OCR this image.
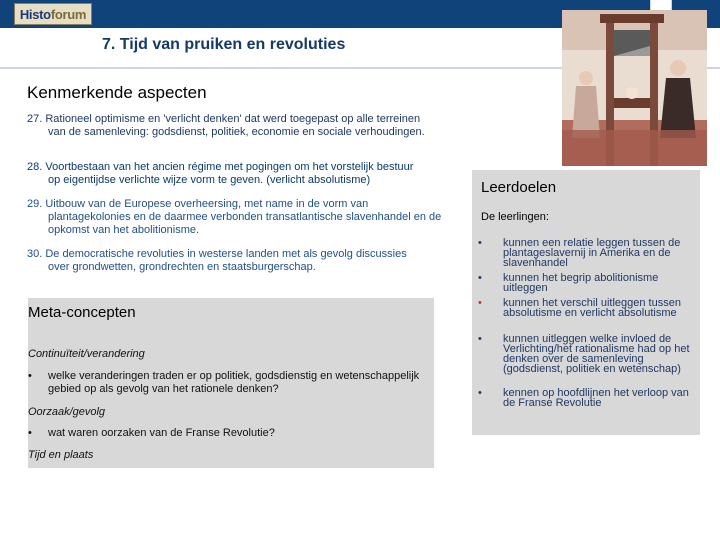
Histo forum
7. Tijd van pruiken en revoluties
Kenmerkende aspecten
27. Rationeel optimisme en 'verlicht denken' dat werd toegepast op alle terreinen
van de samenleving: godsdienst, politiek, economie en sociale verhoudingen.
28. Voortbestaan van het ancien régime met pogingen om het vorstelijk bestuur
op eigentijdse verlichte wijze vorm te geven. (verlicht absolutisme)
29. Uitbouw van de Europese overheersing, met name in de vorm van
plantagekolonies en de daarmee verbonden transatlantische slavenhandel en de opkomst van het abolitionisme.
30. De democratische revoluties in westerse landen met als gevolg discussies
over grondwetten, grondrechten en staatsburgerschap.
Meta-concepten
Continuïteit/verandering
•	welke veranderingen traden er op politiek, godsdienstig en wetenschappelijk gebied op als gevolg van het rationele denken?
Oorzaak/gevolg
•	wat waren oorzaken van de Franse Revolutie?
Tijd en plaats
Leerdoelen
De leerlingen:
•	kunnen een relatie leggen tussen de plantageslavernij in Amerika en de slavenhandel
•	kunnen het begrip abolitionisme uitleggen
•	kunnen het verschil uitleggen tussen absolutisme en verlicht absolutisme
•	kunnen uitleggen welke invloed de Verlichting/het rationalisme had op het denken over de samenleving (godsdienst, politiek en wetenschap)
•	kennen op hoofdlijnen het verloop van de Franse Revolutie
